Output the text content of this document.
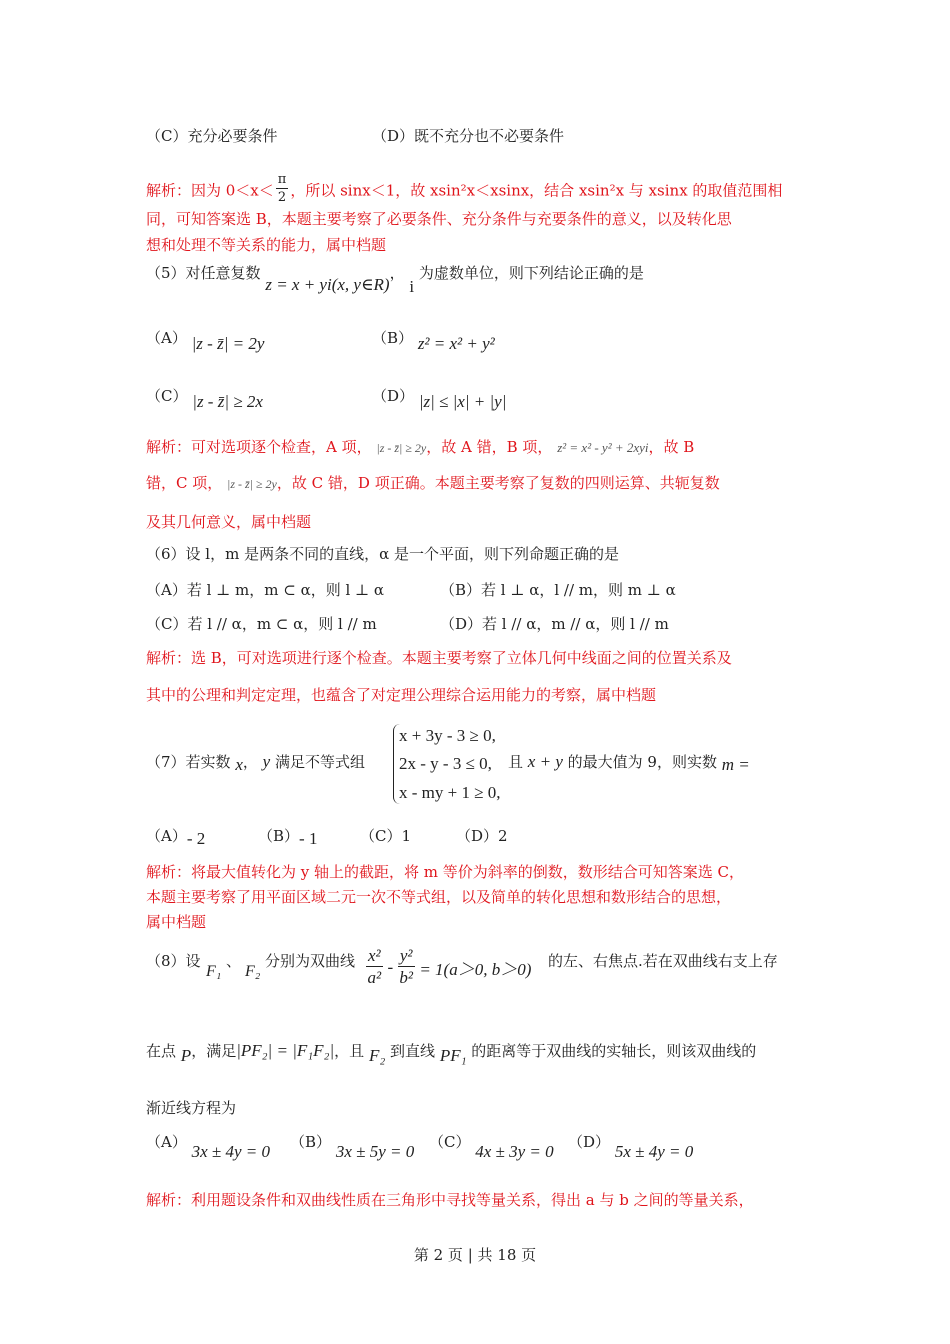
（C）充分必要条件	（D）既不充分也不必要条件
解析：因为 $0<x< \frac{\pi}{2}$ ，所以 sinx＜1，故 xsin²x＜xsinx，结合 xsin²x 与 xsinx 的取值范围相
同，可知答案选 B，本题主要考察了必要条件、充分条件与充要条件的意义，以及转化思
想和处理不等关系的能力，属中档题
（5）对任意复数 z = x + yi(x, y∈R)， i 为虚数单位，则下列结论正确的是
（A） |z - z̄| = 2y	（B） z² = x² + y²
（C） |z - z̄| ≥ 2x	（D） |z| ≤ |x| + |y|
解析：可对选项逐个检查，A 项， |z - z̄| ≥ 2y，故 A 错，B 项， z² = x² - y² + 2xyi，故 B
错，C 项， |z - z̄| ≥ 2y，故 C 错，D 项正确。本题主要考察了复数的四则运算、共轭复数
及其几何意义，属中档题
（6）设 l，m 是两条不同的直线，α 是一个平面，则下列命题正确的是
（A）若 l ⊥ m，m ⊂ α，则 l ⊥ α	（B）若 l ⊥ α，l // m，则 m ⊥ α
（C）若 l // α，m ⊂ α，则 l // m	（D）若 l // α，m // α，则 l // m
解析：选 B，可对选项进行逐个检查。本题主要考察了立体几何中线面之间的位置关系及
其中的公理和判定定理，也蕴含了对定理公理综合运用能力的考察，属中档题
（7）若实数 x， y 满足不等式组
x + 3y - 3 ≥ 0,
2x - y - 3 ≤ 0,
x - my + 1 ≥ 0,
且 x + y 的最大值为 9，则实数 m =
（A）- 2	（B）- 1	（C）1	（D）2
解析：将最大值转化为 y 轴上的截距，将 m 等价为斜率的倒数，数形结合可知答案选 C，
本题主要考察了用平面区域二元一次不等式组，以及简单的转化思想和数形结合的思想，
属中档题
（8）设
F₁
、
F₂
分别为双曲线 $\frac{\text{x²}}{\text{a²}} - \frac{\text{y²}}{\text{b²}} = 1(a>0$, b＞0) 的左、右焦点.若在双曲线右支上存
在点 P，满足|PF₂| = |F₁F₂|，且 F₂ 到直线 PF₁ 的距离等于双曲线的实轴长，则该双曲线的
渐近线方程为
（A） 3x ± 4y = 0 （B） 3x ± 5y = 0 （C） 4x ± 3y = 0 （D） 5x ± 4y = 0
解析：利用题设条件和双曲线性质在三角形中寻找等量关系，得出 a 与 b 之间的等量关系，
第 2 页 | 共 18 页
